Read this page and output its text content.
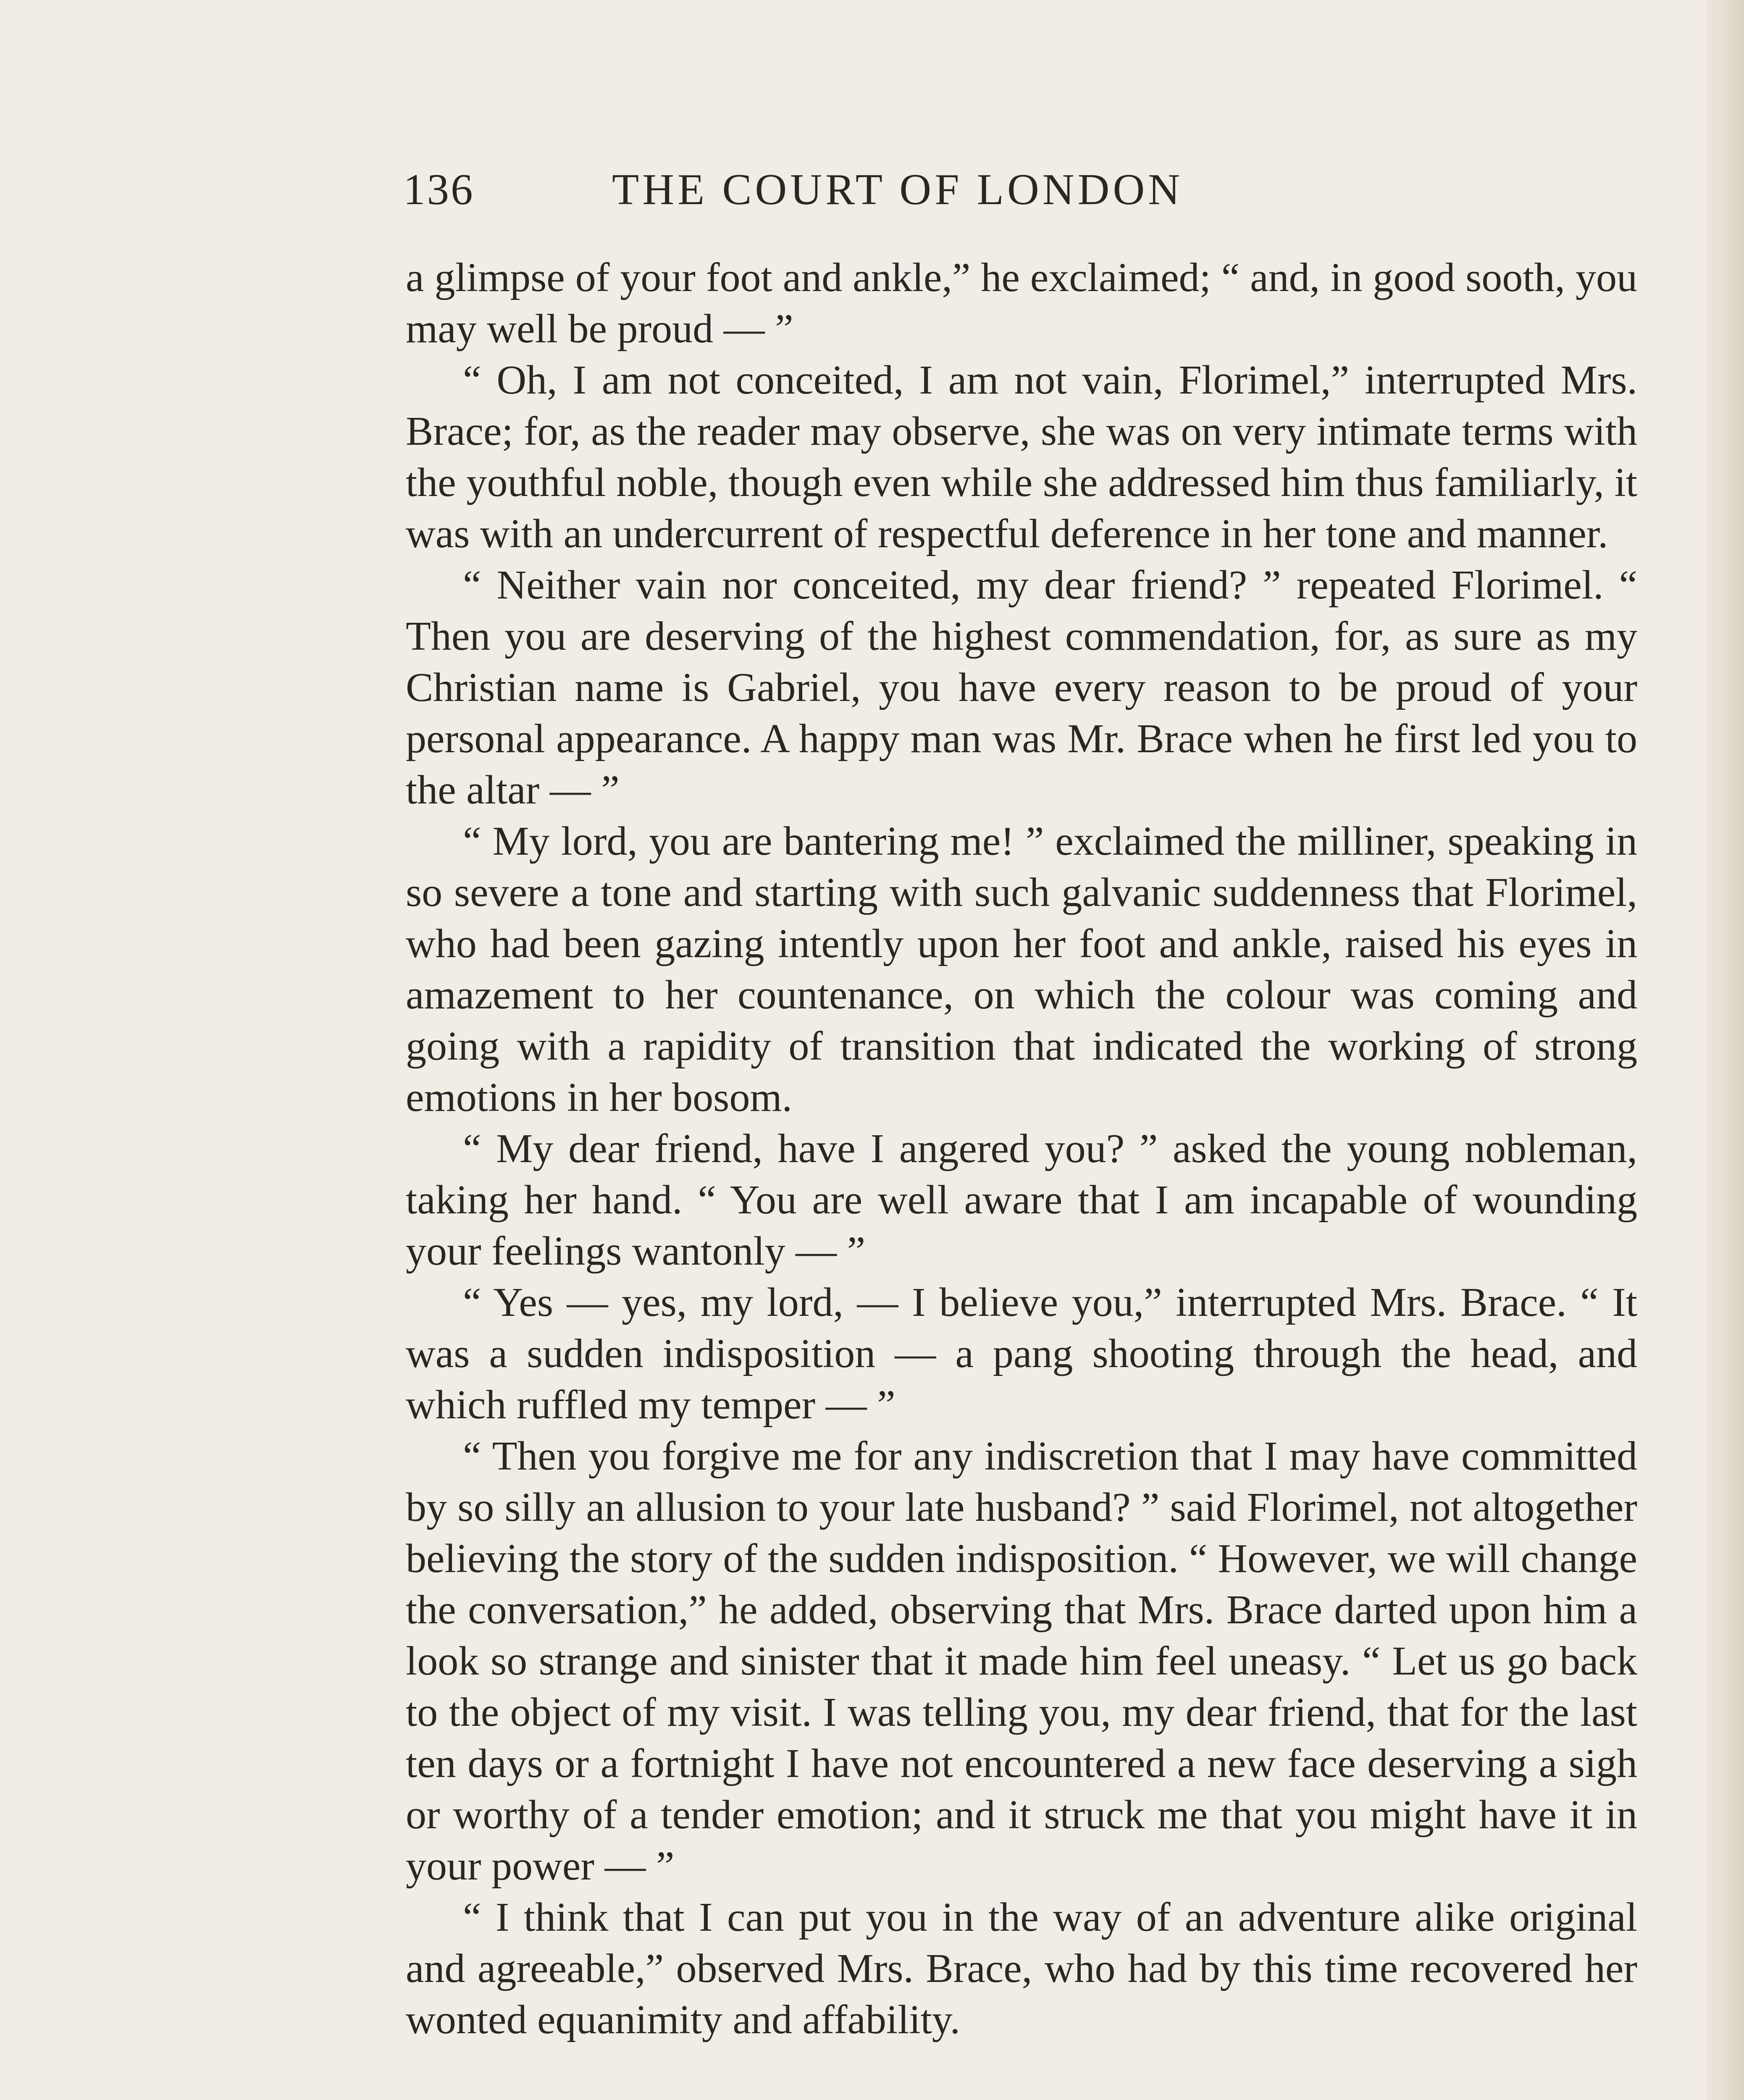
136	THE COURT OF LONDON

a glimpse of your foot and ankle,” he exclaimed; “ and, in good sooth, you may well be proud — ”

“ Oh, I am not conceited, I am not vain, Florimel,” interrupted Mrs. Brace; for, as the reader may observe, she was on very intimate terms with the youthful noble, though even while she addressed him thus familiarly, it was with an undercurrent of respectful deference in her tone and manner.

“ Neither vain nor conceited, my dear friend? ” repeated Florimel. “ Then you are deserving of the highest commendation, for, as sure as my Christian name is Gabriel, you have every reason to be proud of your personal appearance. A happy man was Mr. Brace when he first led you to the altar — ”

“ My lord, you are bantering me! ” exclaimed the milliner, speaking in so severe a tone and starting with such galvanic suddenness that Florimel, who had been gazing intently upon her foot and ankle, raised his eyes in amazement to her countenance, on which the colour was coming and going with a rapidity of transition that indicated the working of strong emotions in her bosom.

“ My dear friend, have I angered you? ” asked the young nobleman, taking her hand. “ You are well aware that I am incapable of wounding your feelings wantonly — ”

“ Yes — yes, my lord, — I believe you,” interrupted Mrs. Brace. “ It was a sudden indisposition — a pang shooting through the head, and which ruffled my temper — ”

“ Then you forgive me for any indiscretion that I may have committed by so silly an allusion to your late husband? ” said Florimel, not altogether believing the story of the sudden indisposition. “ However, we will change the conversation,” he added, observing that Mrs. Brace darted upon him a look so strange and sinister that it made him feel uneasy. “ Let us go back to the object of my visit. I was telling you, my dear friend, that for the last ten days or a fortnight I have not encountered a new face deserving a sigh or worthy of a tender emotion; and it struck me that you might have it in your power — ”

“ I think that I can put you in the way of an adventure alike original and agreeable,” observed Mrs. Brace, who had by this time recovered her wonted equanimity and affability.
